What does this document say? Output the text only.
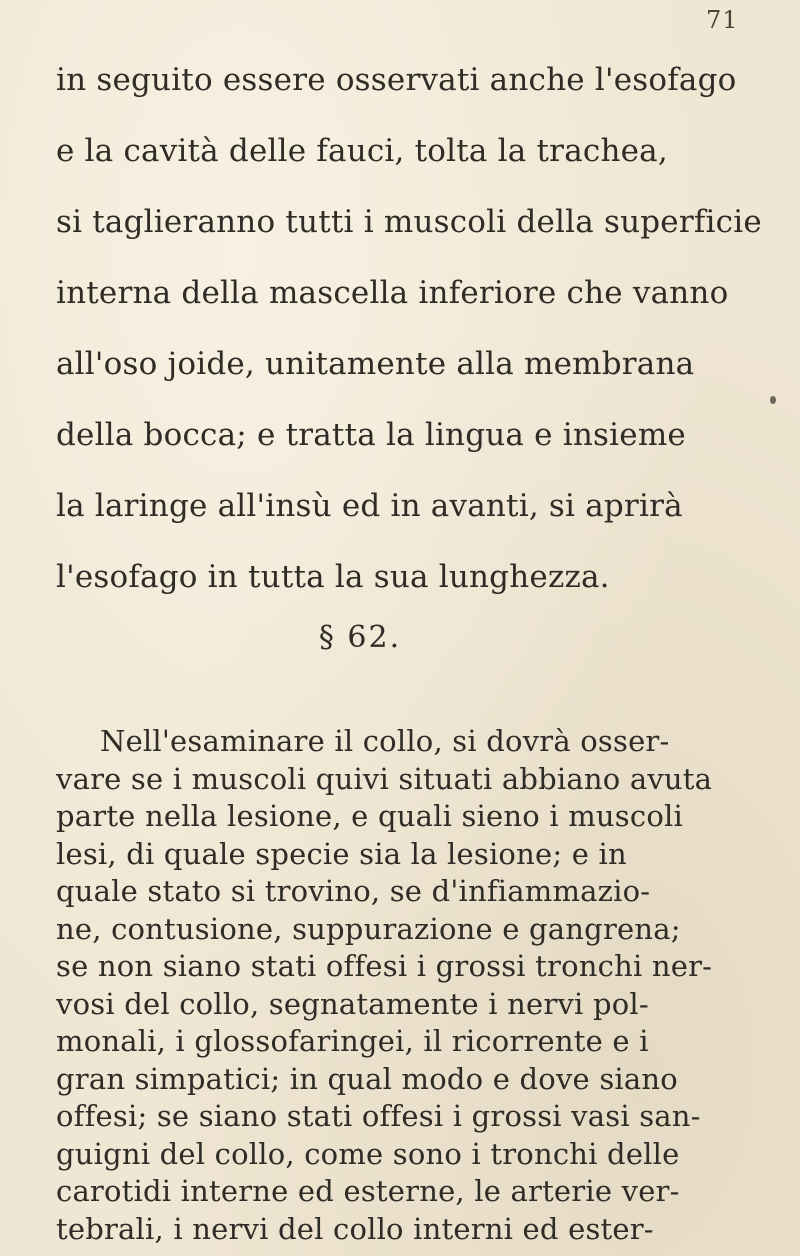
71

in seguito essere osservati anche l'esofago

e la cavità delle fauci, tolta la trachea,

si taglieranno tutti i muscoli della superficie

interna della mascella inferiore che vanno

all'oso joide, unitamente alla membrana

della bocca; e tratta la lingua e insieme

la laringe all'insù ed in avanti, si aprirà

l'esofago in tutta la sua lunghezza.

§ 62.

Nell'esaminare il collo, si dovrà osser-

vare se i muscoli quivi situati abbiano avuta

parte nella lesione, e quali sieno i muscoli

lesi, di quale specie sia la lesione; e in

quale stato si trovino, se d'infiammazio-

ne, contusione, suppurazione e gangrena;

se non siano stati offesi i grossi tronchi ner-

vosi del collo, segnatamente i nervi pol-

monali, i glossofaringei, il ricorrente e i

gran simpatici; in qual modo e dove siano

offesi; se siano stati offesi i grossi vasi san-

guigni del collo, come sono i tronchi delle

carotidi interne ed esterne, le arterie ver-

tebrali, i nervi del collo interni ed ester-
